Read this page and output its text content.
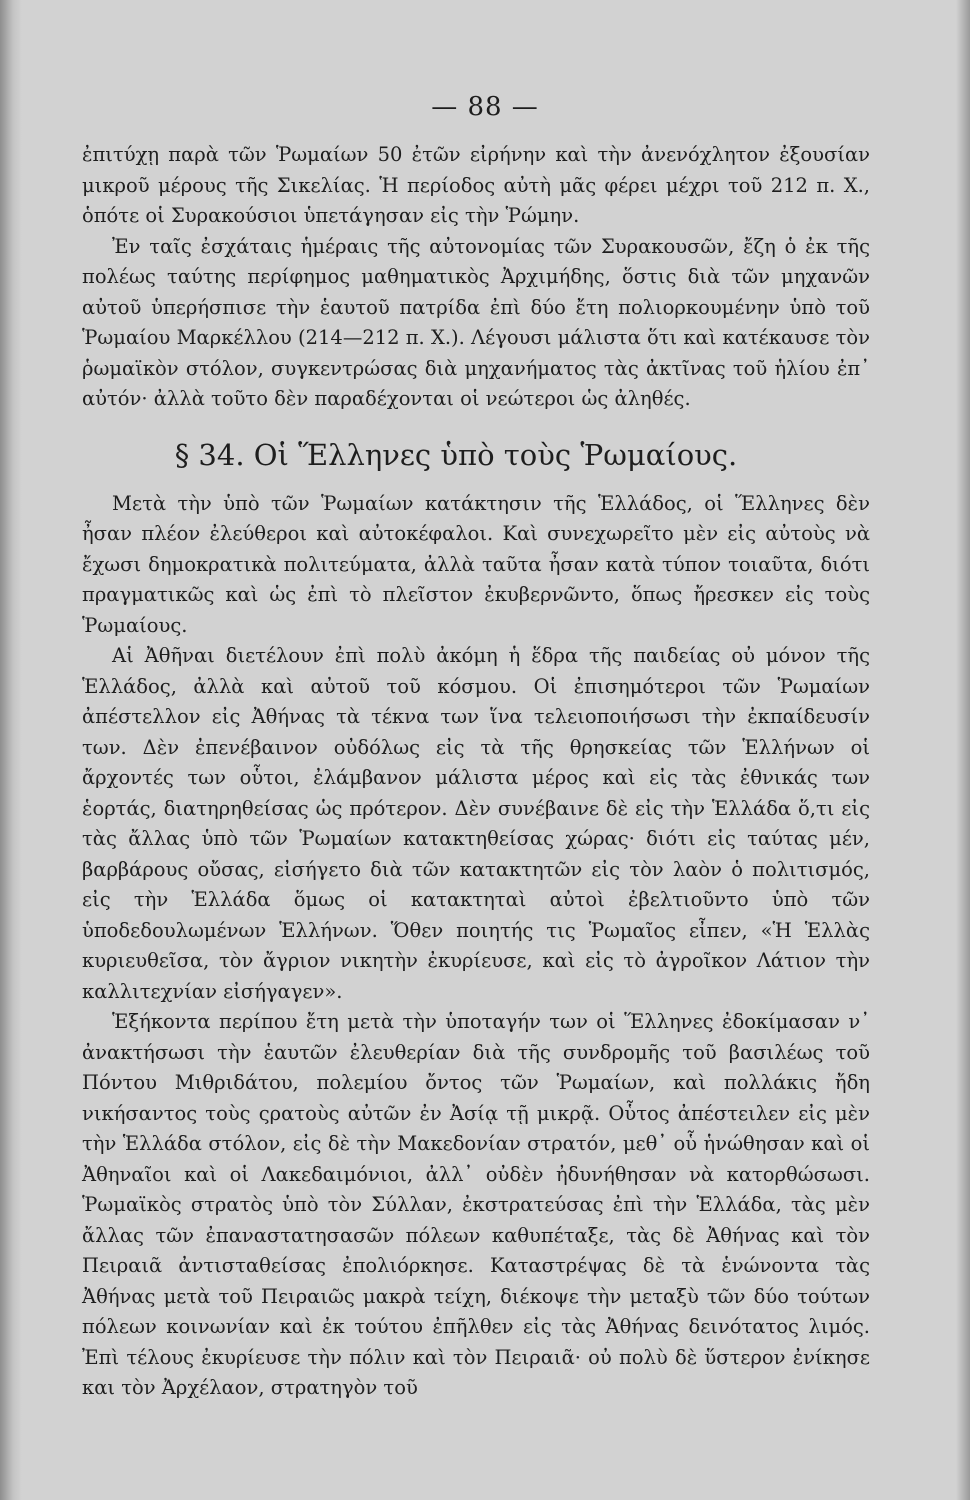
— 88 —

ἐπιτύχῃ παρὰ τῶν Ῥωμαίων 50 ἐτῶν εἰρήνην καὶ τὴν ἀνενόχλητον ἐξουσίαν μικροῦ μέρους τῆς Σικελίας. Ἡ περίοδος αὐτὴ μᾶς φέρει μέχρι τοῦ 212 π. Χ., ὁπότε οἱ Συρακούσιοι ὑπετάγησαν εἰς τὴν Ῥώμην.

Ἐν ταῖς ἐσχάταις ἡμέραις τῆς αὐτονομίας τῶν Συρακουσῶν, ἔζη ὁ ἐκ τῆς πολέως ταύτης περίφημος μαθηματικὸς Ἀρχιμήδης, ὅστις διὰ τῶν μηχανῶν αὐτοῦ ὑπερήσπισε τὴν ἑαυτοῦ πατρίδα ἐπὶ δύο ἔτη πολιορκουμένην ὑπὸ τοῦ Ῥωμαίου Μαρκέλλου (214—212 π. Χ.). Λέγουσι μάλιστα ὅτι καὶ κατέκαυσε τὸν ῥωμαϊκὸν στόλον, συγκεντρώσας διὰ μηχανήματος τὰς ἀκτῖνας τοῦ ἡλίου ἐπ᾽ αὐτόν· ἀλλὰ τοῦτο δὲν παραδέχονται οἱ νεώτεροι ὡς ἀληθές.

§ 34. Οἱ Ἕλληνες ὑπὸ τοὺς Ῥωμαίους.

Μετὰ τὴν ὑπὸ τῶν Ῥωμαίων κατάκτησιν τῆς Ἑλλάδος, οἱ Ἕλληνες δὲν ἦσαν πλέον ἐλεύθεροι καὶ αὐτοκέφαλοι. Καὶ συνεχωρεῖτο μὲν εἰς αὐτοὺς νὰ ἔχωσι δημοκρατικὰ πολιτεύματα, ἀλλὰ ταῦτα ἦσαν κατὰ τύπον τοιαῦτα, διότι πραγματικῶς καὶ ὡς ἐπὶ τὸ πλεῖστον ἐκυβερνῶντο, ὅπως ἤρεσκεν εἰς τοὺς Ῥωμαίους.

Αἱ Ἀθῆναι διετέλουν ἐπὶ πολὺ ἀκόμη ἡ ἕδρα τῆς παιδείας οὐ μόνον τῆς Ἑλλάδος, ἀλλὰ καὶ αὐτοῦ τοῦ κόσμου. Οἱ ἐπισημότεροι τῶν Ῥωμαίων ἀπέστελλον εἰς Ἀθήνας τὰ τέκνα των ἵνα τελειοποιήσωσι τὴν ἐκπαίδευσίν των. Δὲν ἐπενέβαινον οὐδόλως εἰς τὰ τῆς θρησκείας τῶν Ἑλλήνων οἱ ἄρχοντές των οὗτοι, ἐλάμβανον μάλιστα μέρος καὶ εἰς τὰς ἐθνικάς των ἑορτάς, διατηρηθείσας ὡς πρότερον. Δὲν συνέβαινε δὲ εἰς τὴν Ἑλλάδα ὅ,τι εἰς τὰς ἄλλας ὑπὸ τῶν Ῥωμαίων κατακτηθείσας χώρας· διότι εἰς ταύτας μέν, βαρβάρους οὔσας, εἰσήγετο διὰ τῶν κατακτητῶν εἰς τὸν λαὸν ὁ πολιτισμός, εἰς τὴν Ἑλλάδα ὅμως οἱ κατακτηταὶ αὐτοὶ ἐβελτιοῦντο ὑπὸ τῶν ὑποδεδουλωμένων Ἑλλήνων. Ὅθεν ποιητής τις Ῥωμαῖος εἶπεν, «Ἡ Ἑλλὰς κυριευθεῖσα, τὸν ἄγριον νικητὴν ἐκυρίευσε, καὶ εἰς τὸ ἀγροῖκον Λάτιον τὴν καλλιτεχνίαν εἰσήγαγεν».

Ἑξήκοντα περίπου ἔτη μετὰ τὴν ὑποταγήν των οἱ Ἕλληνες ἐδοκίμασαν ν᾽ ἀνακτήσωσι τὴν ἑαυτῶν ἐλευθερίαν διὰ τῆς συνδρομῆς τοῦ βασιλέως τοῦ Πόντου Μιθριδάτου, πολεμίου ὄντος τῶν Ῥωμαίων, καὶ πολλάκις ἤδη νικήσαντος τοὺς ςρατοὺς αὐτῶν ἐν Ἀσίᾳ τῇ μικρᾷ. Οὗτος ἀπέστειλεν εἰς μὲν τὴν Ἑλλάδα στόλον, εἰς δὲ τὴν Μακεδονίαν στρατόν, μεθ᾽ οὗ ἡνώθησαν καὶ οἱ Ἀθηναῖοι καὶ οἱ Λακεδαιμόνιοι, ἀλλ᾽ οὐδὲν ἠδυνήθησαν νὰ κατορθώσωσι. Ῥωμαϊκὸς στρατὸς ὑπὸ τὸν Σύλλαν, ἐκστρατεύσας ἐπὶ τὴν Ἑλλάδα, τὰς μὲν ἄλλας τῶν ἐπαναστατησασῶν πόλεων καθυπέταξε, τὰς δὲ Ἀθήνας καὶ τὸν Πειραιᾶ ἀντισταθείσας ἐπολιόρκησε. Καταστρέψας δὲ τὰ ἑνώνοντα τὰς Ἀθήνας μετὰ τοῦ Πειραιῶς μακρὰ τείχη, διέκοψε τὴν μεταξὺ τῶν δύο τούτων πόλεων κοινωνίαν καὶ ἐκ τούτου ἐπῆλθεν εἰς τὰς Ἀθήνας δεινότατος λιμός. Ἐπὶ τέλους ἐκυρίευσε τὴν πόλιν καὶ τὸν Πειραιᾶ· οὐ πολὺ δὲ ὕστερον ἐνίκησε και τὸν Ἀρχέλαον, στρατηγὸν τοῦ
